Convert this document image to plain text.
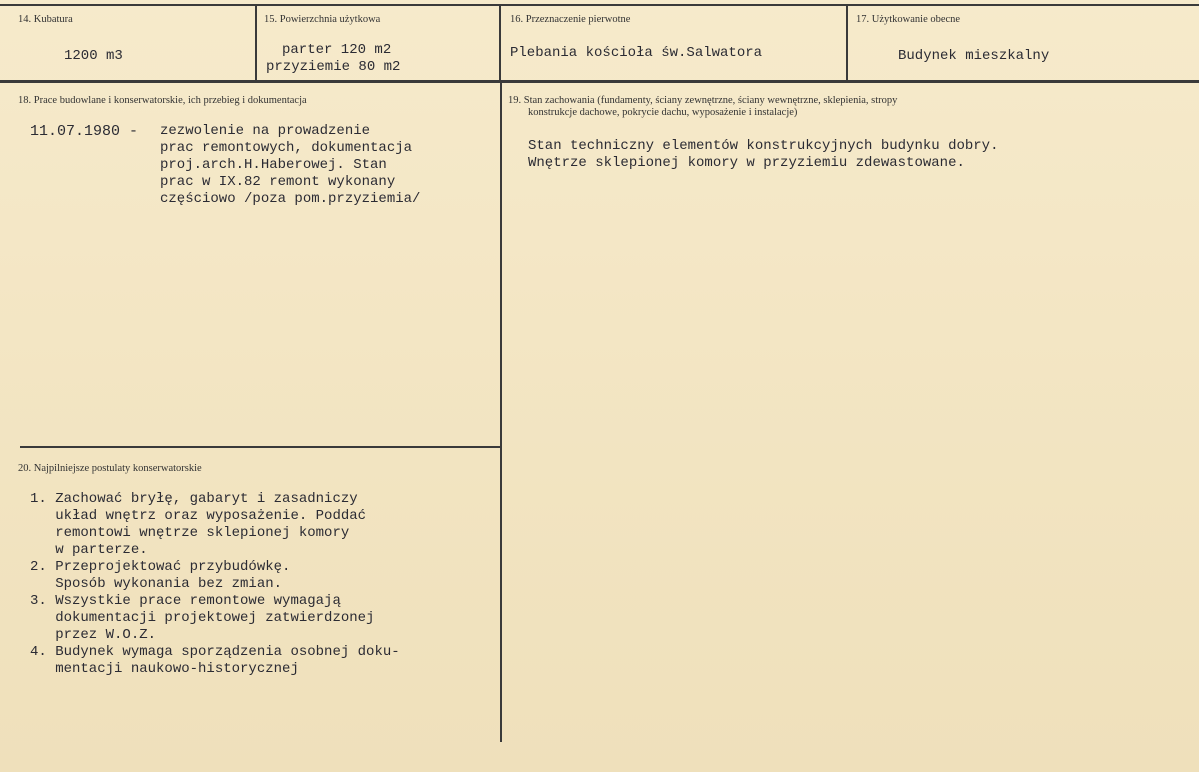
14. Kubatura
1200 m3
15. Powierzchnia użytkowa
parter 120 m2
przyziemie 80 m2
16. Przeznaczenie pierwotne
Plebania kościoła św.Salwatora
17. Użytkowanie obecne
Budynek mieszkalny
18. Prace budowlane i konserwatorskie, ich przebieg i dokumentacja
11.07.1980 - zezwolenie na prowadzenie
prac remontowych, dokumentacja
proj.arch.H.Haberowej. Stan
prac w IX.82 remont wykonany
częściowo /poza pom.przyziemia/
19. Stan zachowania (fundamenty, ściany zewnętrzne, ściany wewnętrzne, sklepienia, stropy
konstrukcje dachowe, pokrycie dachu, wyposażenie i instalacje)
Stan techniczny elementów konstrukcyjnych budynku dobry.
Wnętrze sklepionej komory w przyziemiu zdewastowane.
20. Najpilniejsze postulaty konserwatorskie
1. Zachować bryłę, gabaryt i zasadniczy
układ wnętrz oraz wyposażenie. Poddać
remontowi wnętrze sklepionej komory
w parterze.
2. Przeprojektować przybudówkę.
Sposób wykonania bez zmian.
3. Wszystkie prace remontowe wymagają
dokumentacji projektowej zatwierdzonej
przez W.O.Z.
4. Budynek wymaga sporządzenia osobnej doku-
mentacji naukowo-historycznej
